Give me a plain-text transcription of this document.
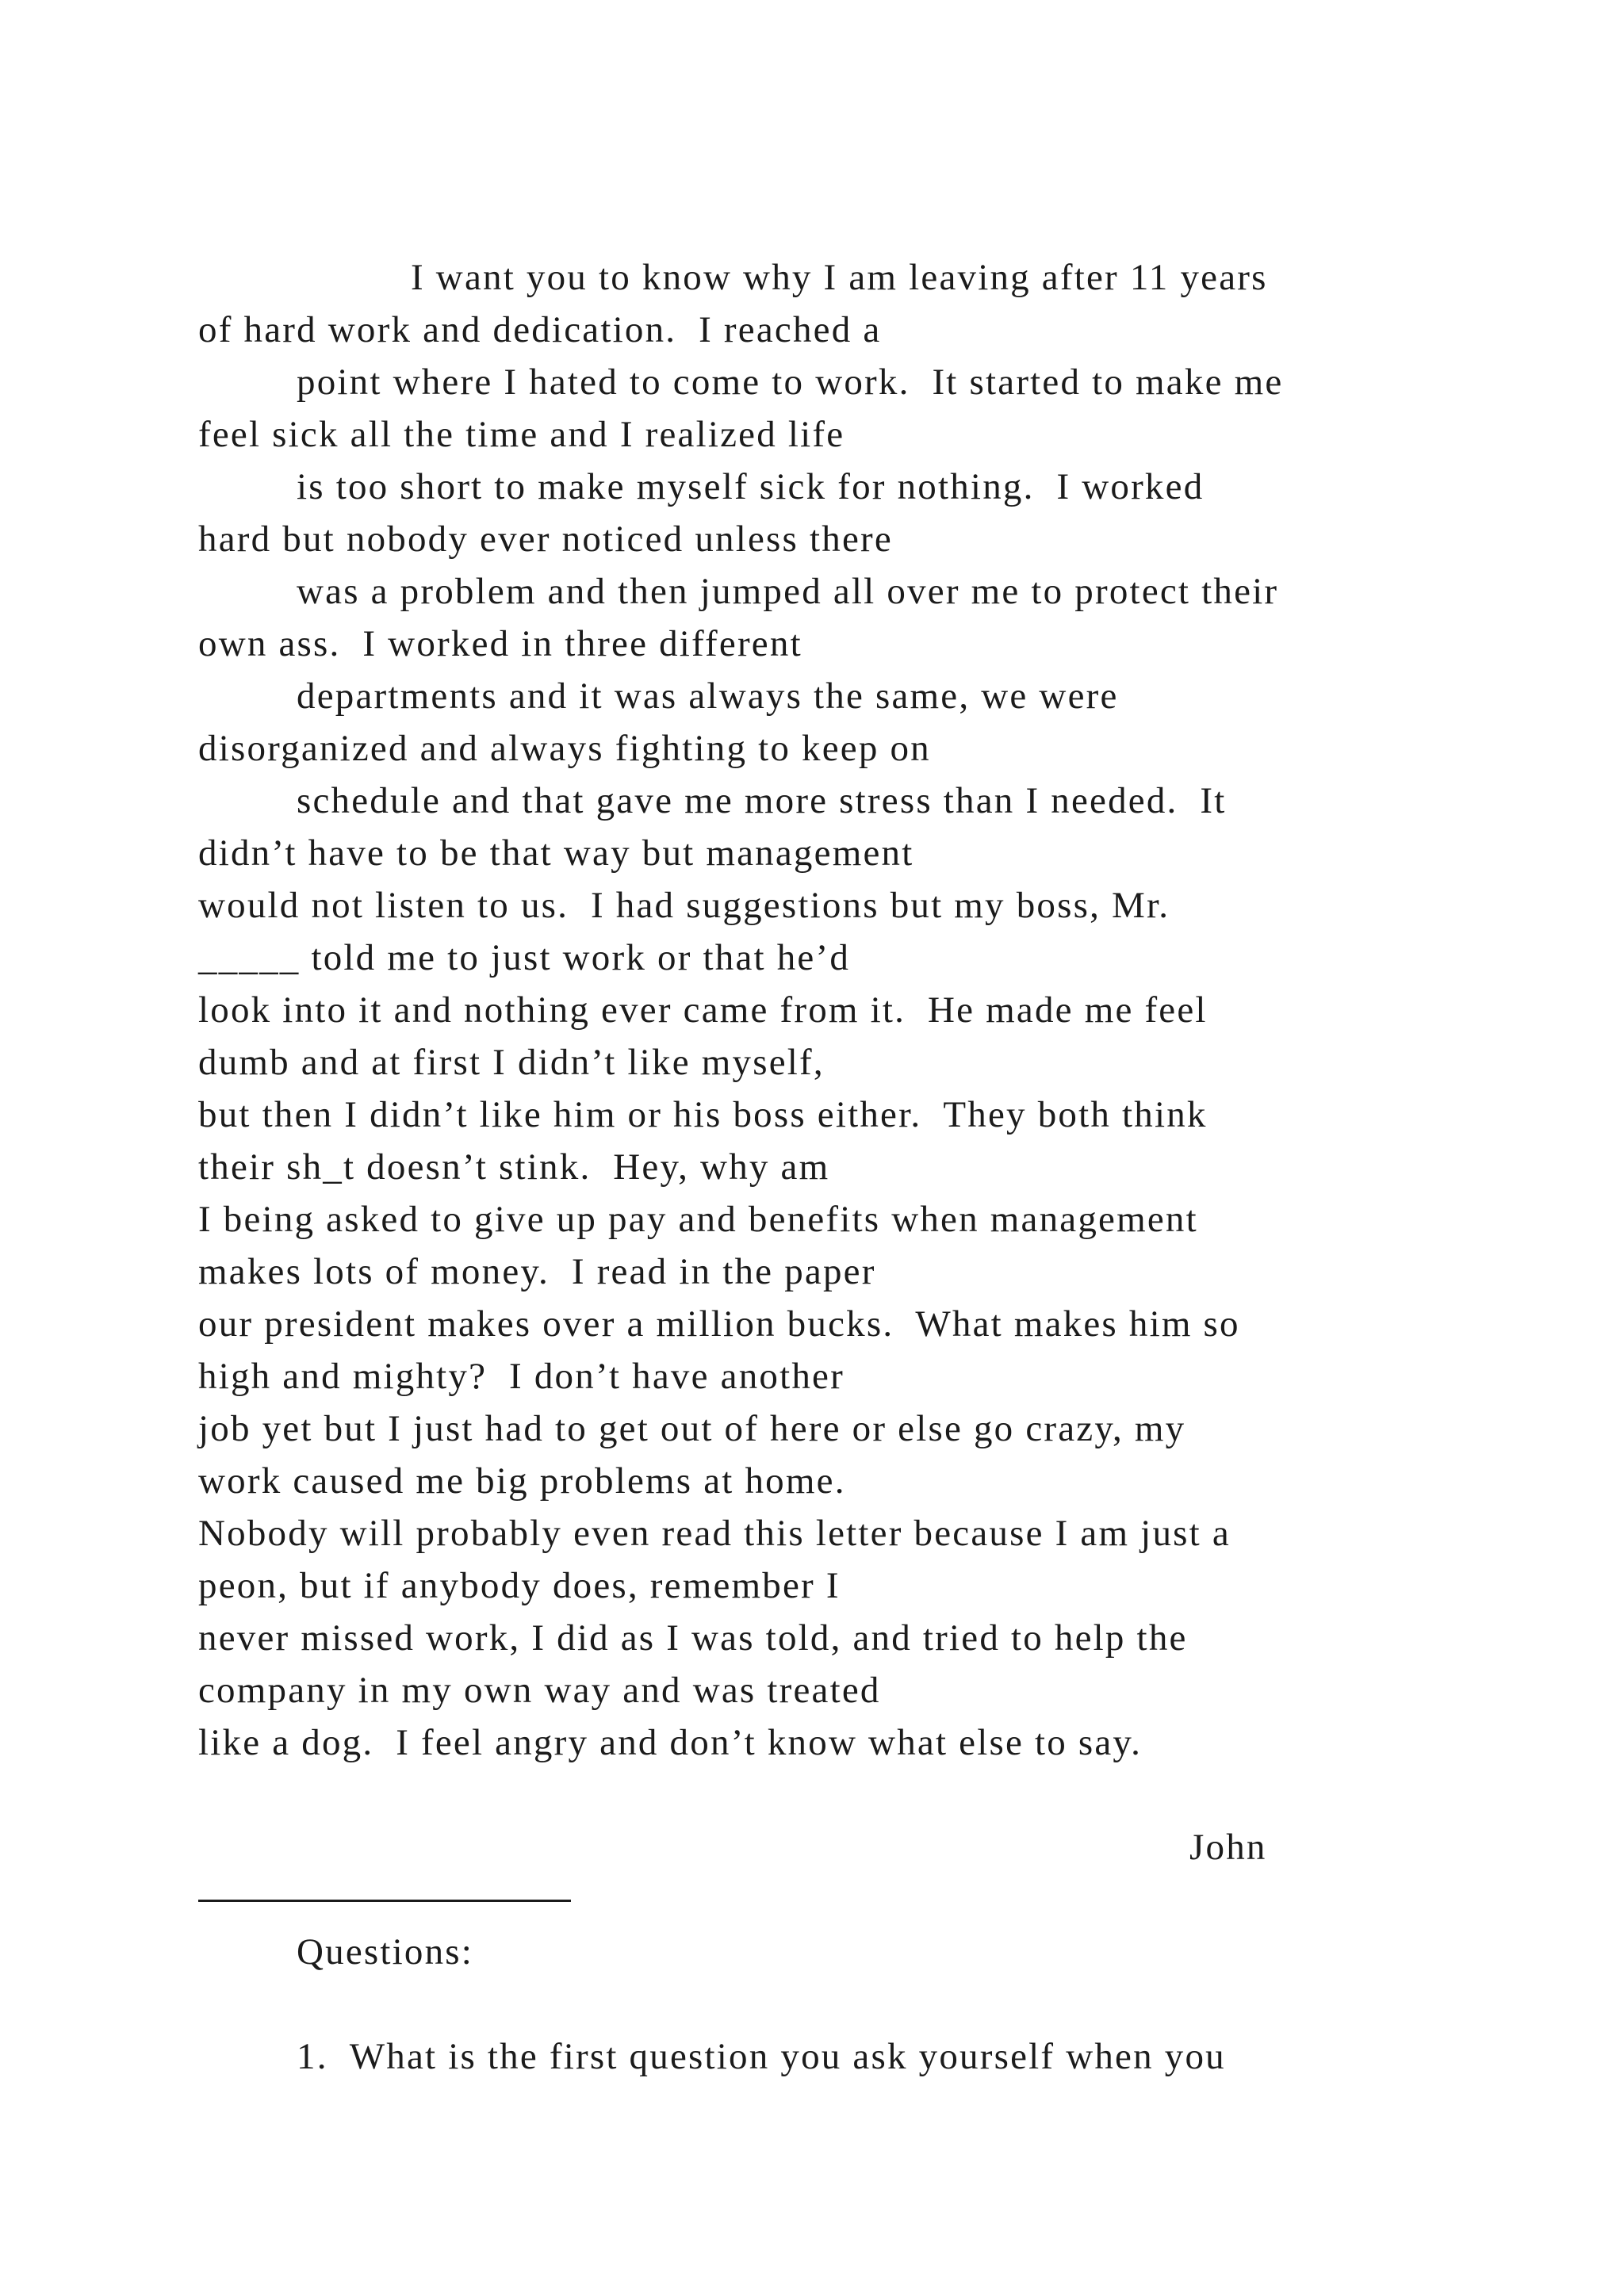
I want you to know why I am leaving after 11 years
of hard work and dedication.  I reached a
point where I hated to come to work.  It started to make me
feel sick all the time and I realized life
is too short to make myself sick for nothing.  I worked
hard but nobody ever noticed unless there
was a problem and then jumped all over me to protect their
own ass.  I worked in three different
departments and it was always the same, we were
disorganized and always fighting to keep on
schedule and that gave me more stress than I needed.  It
didn’t have to be that way but management
would not listen to us.  I had suggestions but my boss, Mr.
_____ told me to just work or that he’d
look into it and nothing ever came from it.  He made me feel
dumb and at first I didn’t like myself,
but then I didn’t like him or his boss either.  They both think
their sh_t doesn’t stink.  Hey, why am
I being asked to give up pay and benefits when management
makes lots of money.  I read in the paper
our president makes over a million bucks.  What makes him so
high and mighty?  I don’t have another
job yet but I just had to get out of here or else go crazy, my
work caused me big problems at home.
Nobody will probably even read this letter because I am just a
peon, but if anybody does, remember I
never missed work, I did as I was told, and tried to help the
company in my own way and was treated
like a dog.  I feel angry and don’t know what else to say.
John
Questions:
1.  What is the first question you ask yourself when you
